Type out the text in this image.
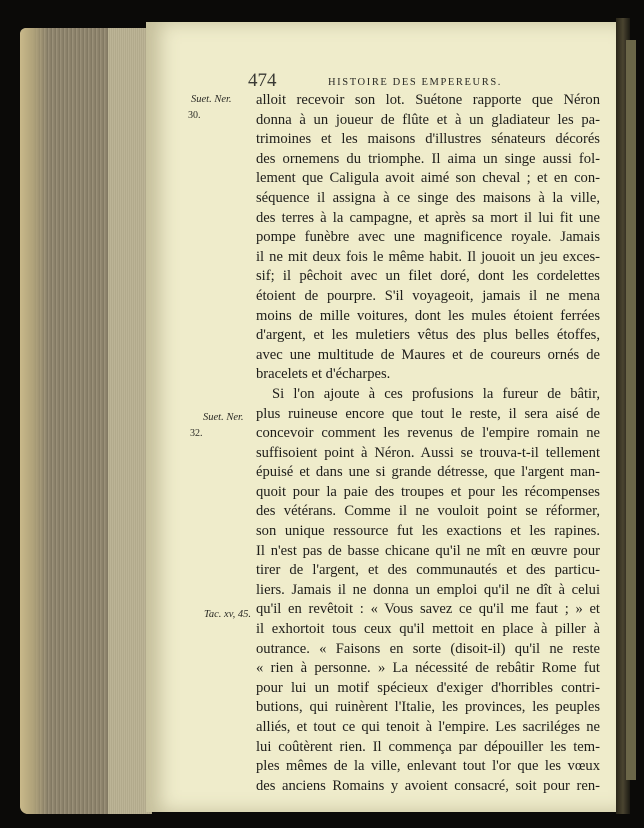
474	HISTOIRE DES EMPEREURS.
Suet. Ner.
30.
Suet. Ner.
32.
Tac. xv, 45.
alloit recevoir son lot. Suétone rapporte que Néron
donna à un joueur de flûte et à un gladiateur les pa-
trimoines et les maisons d'illustres sénateurs décorés
des ornemens du triomphe. Il aima un singe aussi fol-
lement que Caligula avoit aimé son cheval ; et en con-
séquence il assigna à ce singe des maisons à la ville,
des terres à la campagne, et après sa mort il lui fit une
pompe funèbre avec une magnificence royale. Jamais
il ne mit deux fois le même habit. Il jouoit un jeu exces-
sif; il pêchoit avec un filet doré, dont les cordelettes
étoient de pourpre. S'il voyageoit, jamais il ne mena
moins de mille voitures, dont les mules étoient ferrées
d'argent, et les muletiers vêtus des plus belles étoffes,
avec une multitude de Maures et de coureurs ornés de
bracelets et d'écharpes.
Si l'on ajoute à ces profusions la fureur de bâtir,
plus ruineuse encore que tout le reste, il sera aisé de
concevoir comment les revenus de l'empire romain ne
suffisoient point à Néron. Aussi se trouva-t-il tellement
épuisé et dans une si grande détresse, que l'argent man-
quoit pour la paie des troupes et pour les récompenses
des vétérans. Comme il ne vouloit point se réformer,
son unique ressource fut les exactions et les rapines.
Il n'est pas de basse chicane qu'il ne mît en œuvre pour
tirer de l'argent, et des communautés et des particu-
liers. Jamais il ne donna un emploi qu'il ne dît à celui
qu'il en revêtoit : « Vous savez ce qu'il me faut ; » et
il exhortoit tous ceux qu'il mettoit en place à piller à
outrance. « Faisons en sorte (disoit-il) qu'il ne reste
« rien à personne. » La nécessité de rebâtir Rome fut
pour lui un motif spécieux d'exiger d'horribles contri-
butions, qui ruinèrent l'Italie, les provinces, les peuples
alliés, et tout ce qui tenoit à l'empire. Les sacriléges ne
lui coûtèrent rien. Il commença par dépouiller les tem-
ples mêmes de la ville, enlevant tout l'or que les vœux
des anciens Romains y avoient consacré, soit pour ren-
